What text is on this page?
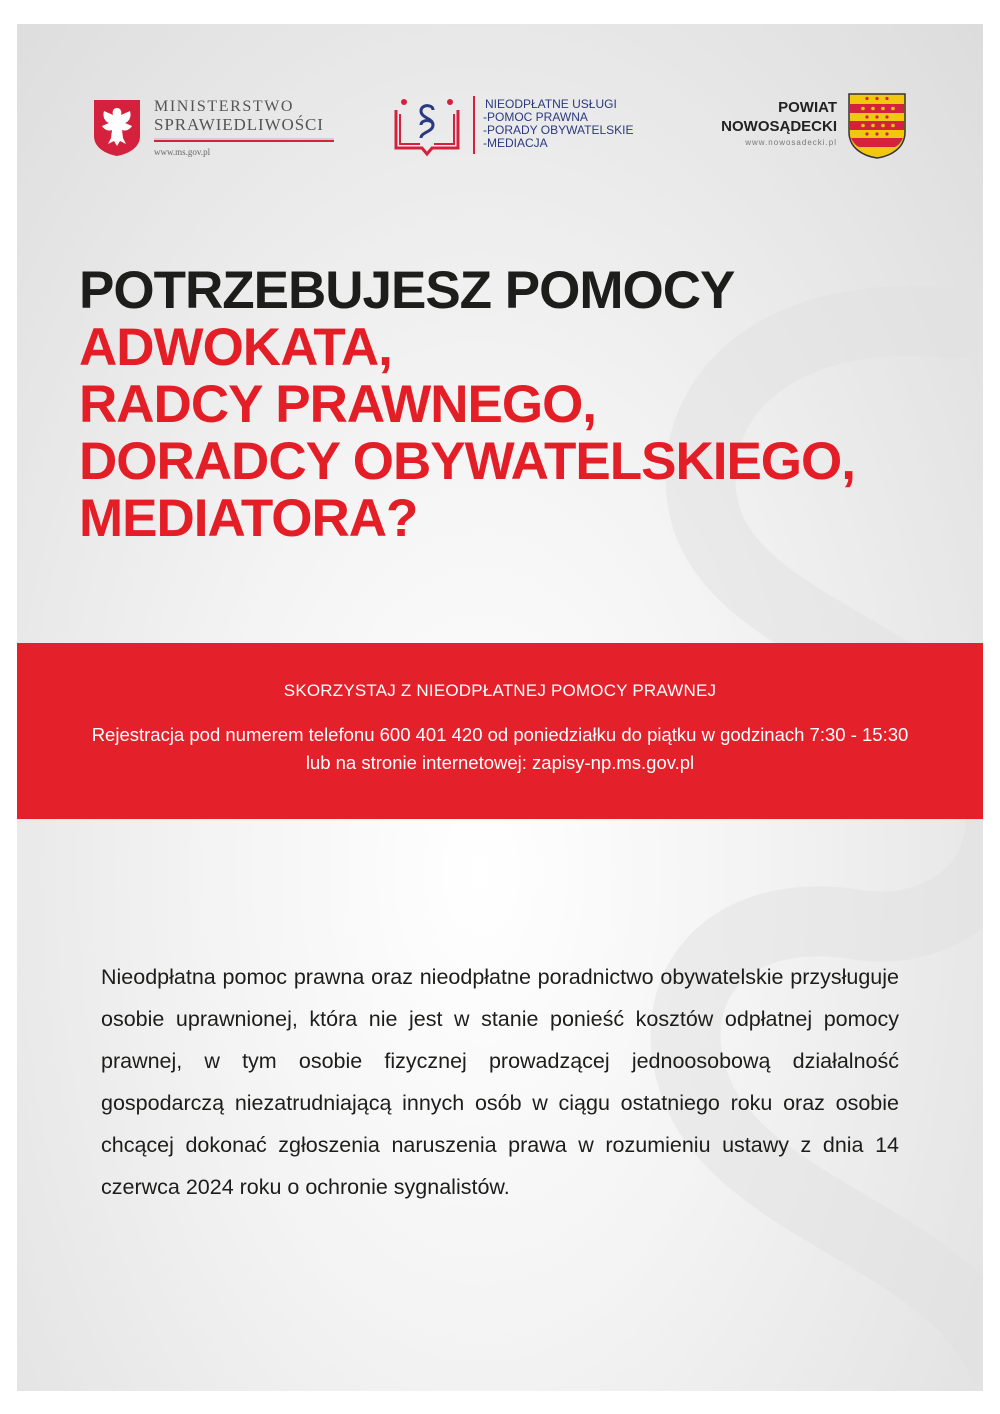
MINISTERSTWO
SPRAWIEDLIWOŚCI
www.ms.gov.pl
NIEODPŁATNE USŁUGI
-POMOC PRAWNA
-PORADY OBYWATELSKIE
-MEDIACJA
POWIAT
NOWOSĄDECKI
www.nowosadecki.pl
POTRZEBUJESZ POMOCY
ADWOKATA,
RADCY PRAWNEGO,
DORADCY OBYWATELSKIEGO,
MEDIATORA?
SKORZYSTAJ Z NIEODPŁATNEJ POMOCY PRAWNEJ
Rejestracja pod numerem telefonu 600 401 420 od poniedziałku do piątku w godzinach 7:30 - 15:30
lub na stronie internetowej: zapisy-np.ms.gov.pl
Nieodpłatna pomoc prawna oraz nieodpłatne poradnictwo obywatelskie przysługuje osobie uprawnionej, która nie jest w stanie ponieść kosztów odpłatnej pomocy prawnej, w tym osobie fizycznej prowadzącej jednoosobową działalność gospodarczą niezatrudniającą innych osób w ciągu ostatniego roku oraz osobie chcącej dokonać zgłoszenia naruszenia prawa w rozumieniu ustawy z dnia 14 czerwca 2024 roku o ochronie sygnalistów.
